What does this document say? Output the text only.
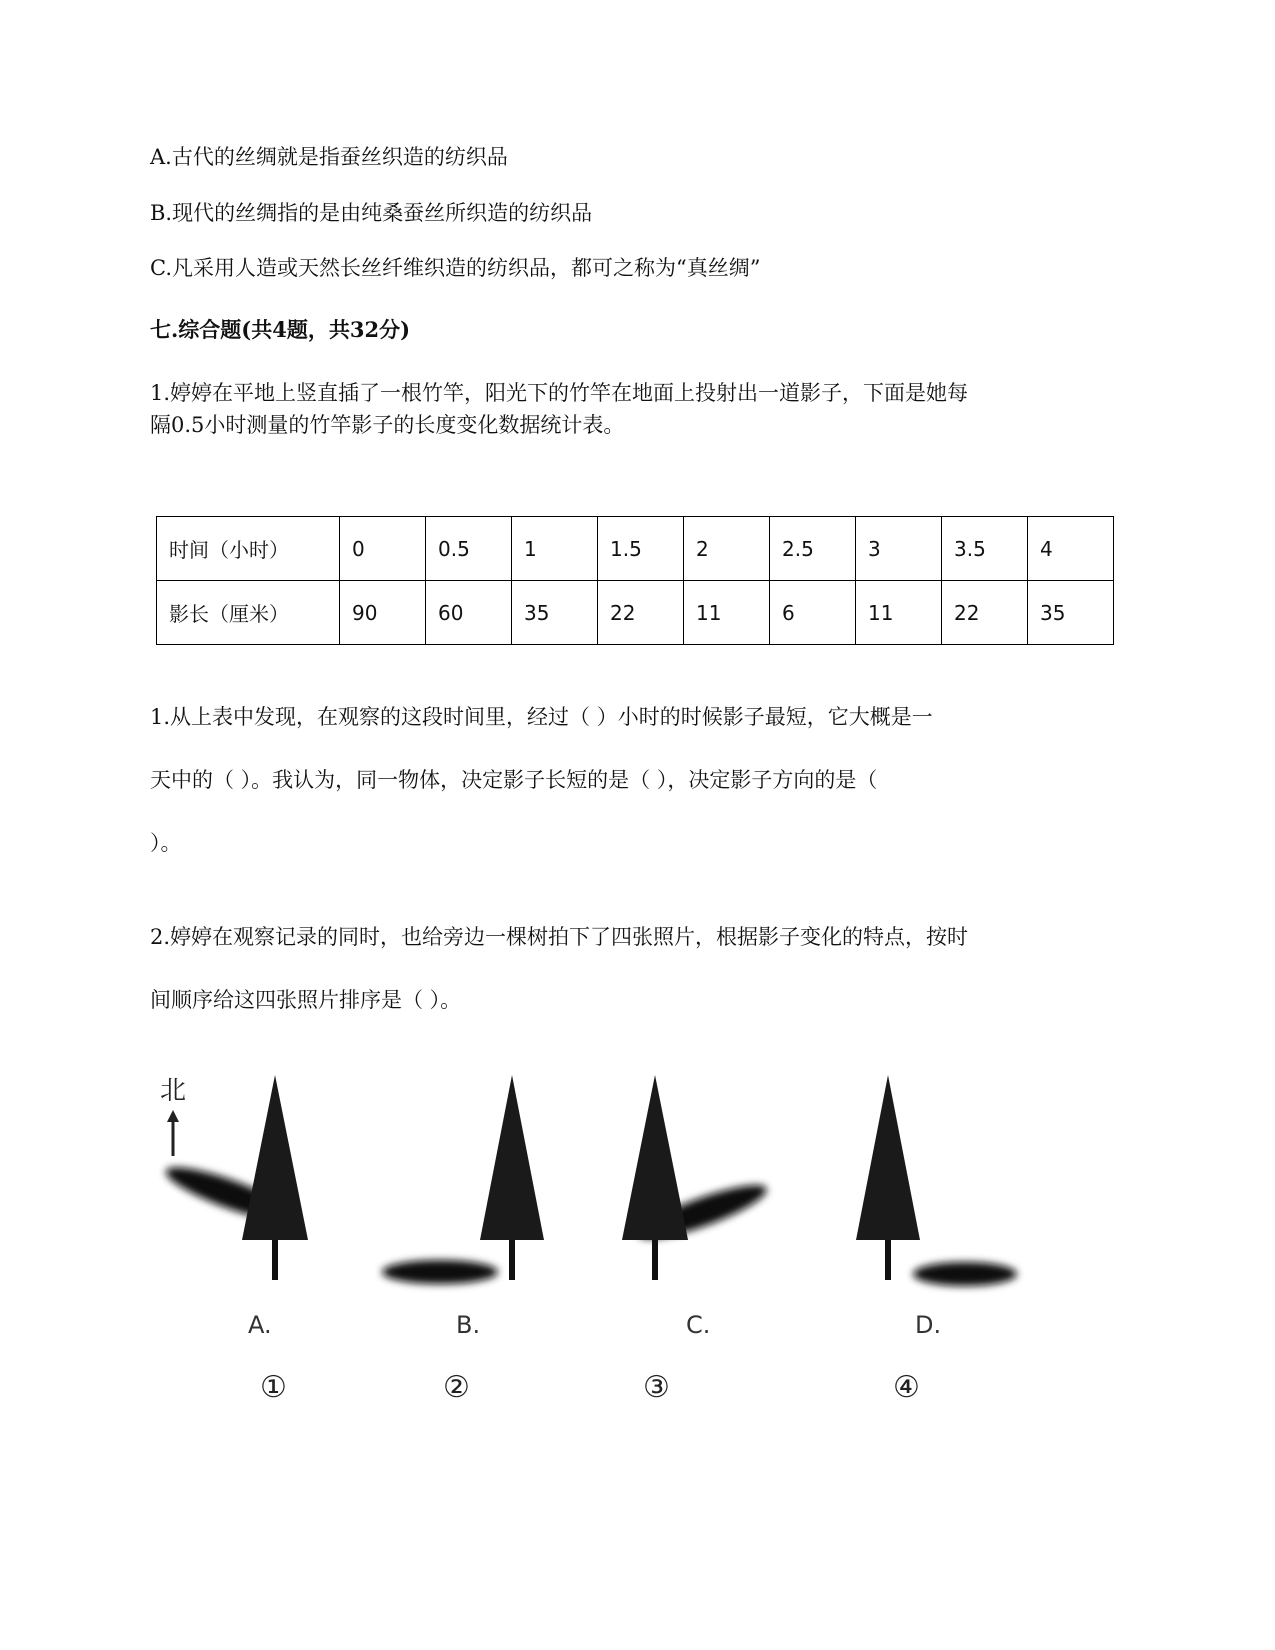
A.古代的丝绸就是指蚕丝织造的纺织品
B.现代的丝绸指的是由纯桑蚕丝所织造的纺织品
C.凡采用人造或天然长丝纤维织造的纺织品，都可之称为“真丝绸”
七.综合题(共4题，共32分)
1.婷婷在平地上竖直插了一根竹竿，阳光下的竹竿在地面上投射出一道影子，下面是她每
隔0.5小时测量的竹竿影子的长度变化数据统计表。
时间（小时）	0	0.5	1	1.5	2	2.5	3	3.5	4
影长（厘米）	90	60	35	22	11	6	11	22	35
1.从上表中发现，在观察的这段时间里，经过（ ）小时的时候影子最短，它大概是一
天中的（ ）。我认为，同一物体，决定影子长短的是（ ），决定影子方向的是（
）。
2.婷婷在观察记录的同时，也给旁边一棵树拍下了四张照片，根据影子变化的特点，按时
间顺序给这四张照片排序是（ ）。
北
A.	B.	C.	D.
①	②	③	④
